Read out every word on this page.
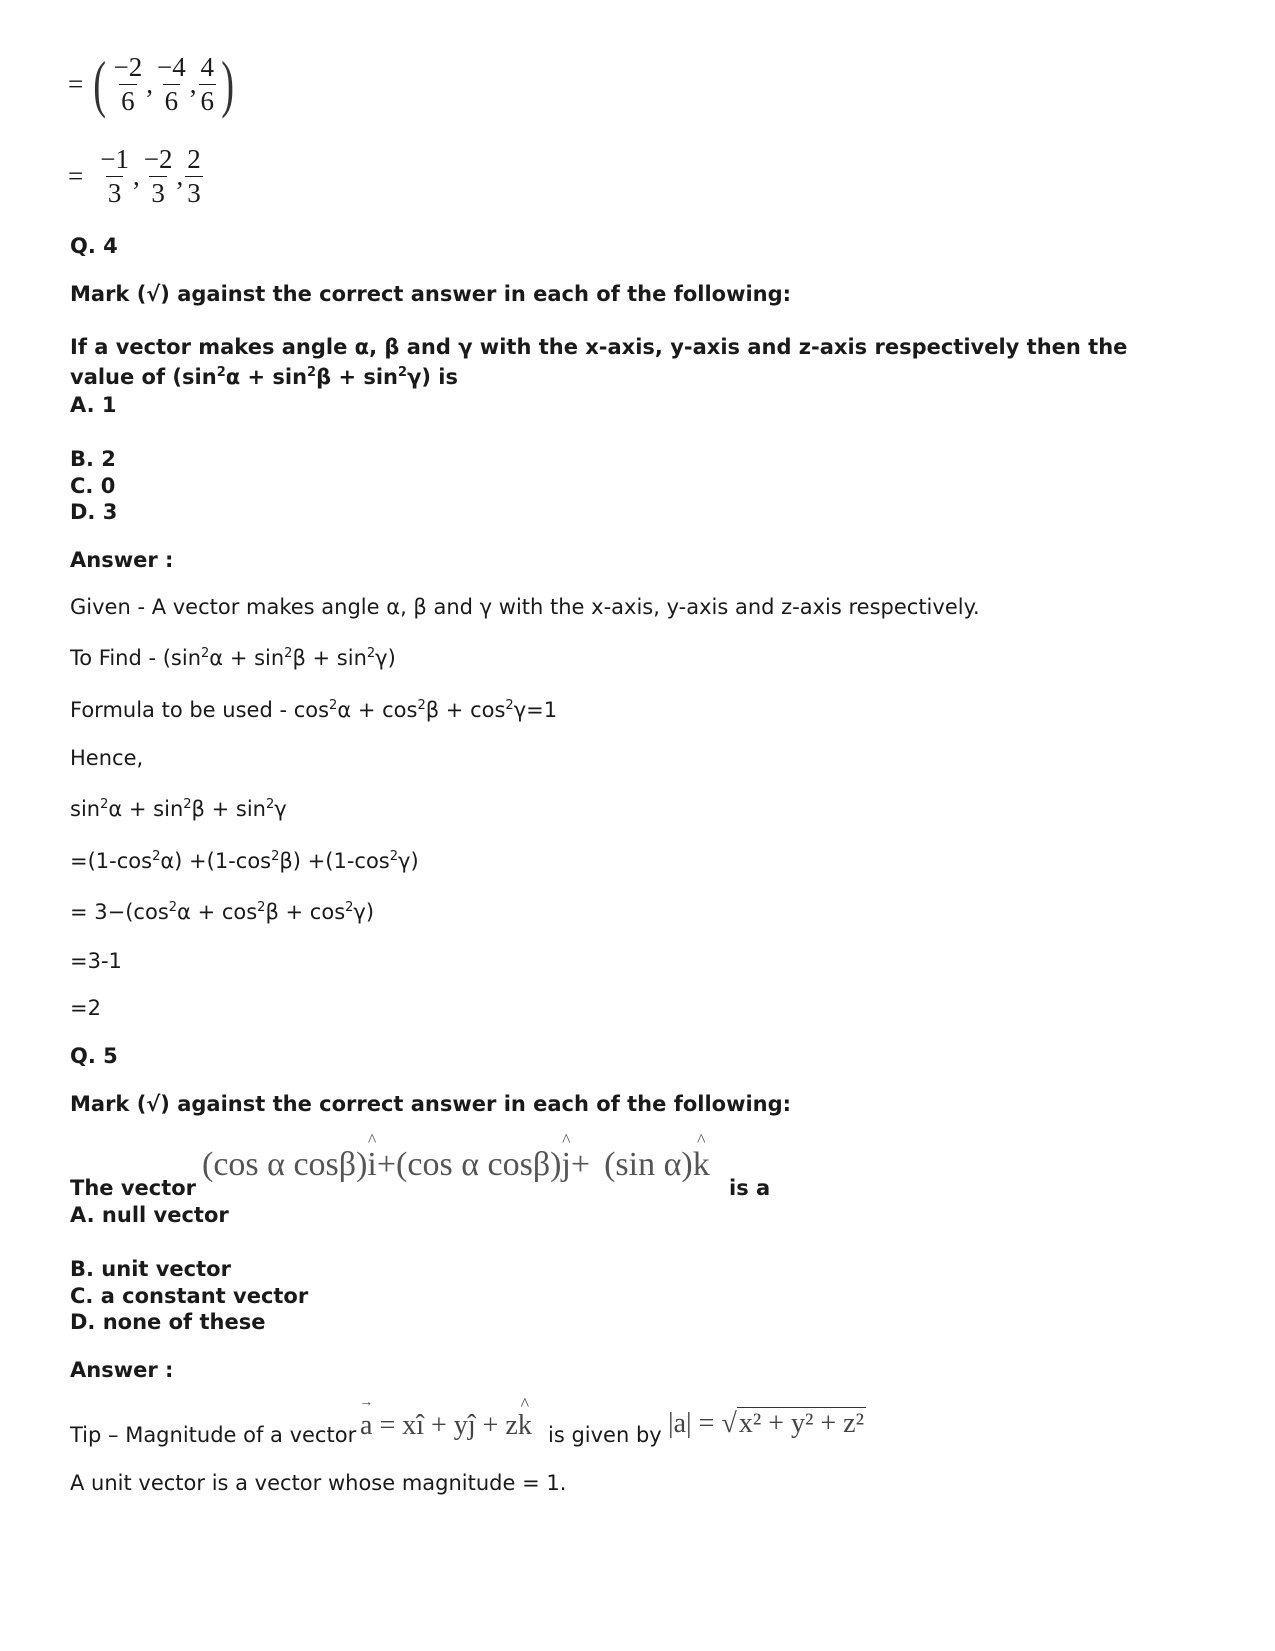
= ( $\frac{-2}{6}$ , $\frac{-4}{6}$ , $\frac{4}{6}$ )
= $\frac{-1}{3}$ , $\frac{-2}{3}$ , $\frac{2}{3}$
Q. 4
Mark (√) against the correct answer in each of the following:
If a vector makes angle α, β and γ with the x-axis, y-axis and z-axis respectively then the
value of $(\sin^2\alpha + \sin^2\beta + \sin^2\gamma)$ is
A. 1
B. 2
C. 0
D. 3
Answer :
Given - A vector makes angle α, β and γ with the x-axis, y-axis and z-axis respectively.
To Find - $(\sin^2\alpha + \sin^2\beta + \sin^2\gamma)$
Formula to be used - $\cos^2\alpha + \cos^2\beta + \cos^2\gamma=1$
Hence,
$\sin^2\alpha + \sin^2\beta + \sin^2\gamma$
$=(1-\cos^2\alpha) +(1-\cos^2\beta) +(1-\cos^2\gamma)$
= $3-(\cos^2\alpha + \cos^2\beta + \cos^2\gamma)$
=3-1
=2
Q. 5
Mark (√) against the correct answer in each of the following:
The vector
(cos α cosβ)^ i+(cos α cosβ)^ j+ (sin α)^ k
is a
A. null vector
B. unit vector
C. a constant vector
D. none of these
Answer :
Tip – Magnitude of a vector
→ a = xî + yĵ + z^ k is given by |a| = √x² + y² + z²
A unit vector is a vector whose magnitude = 1.
